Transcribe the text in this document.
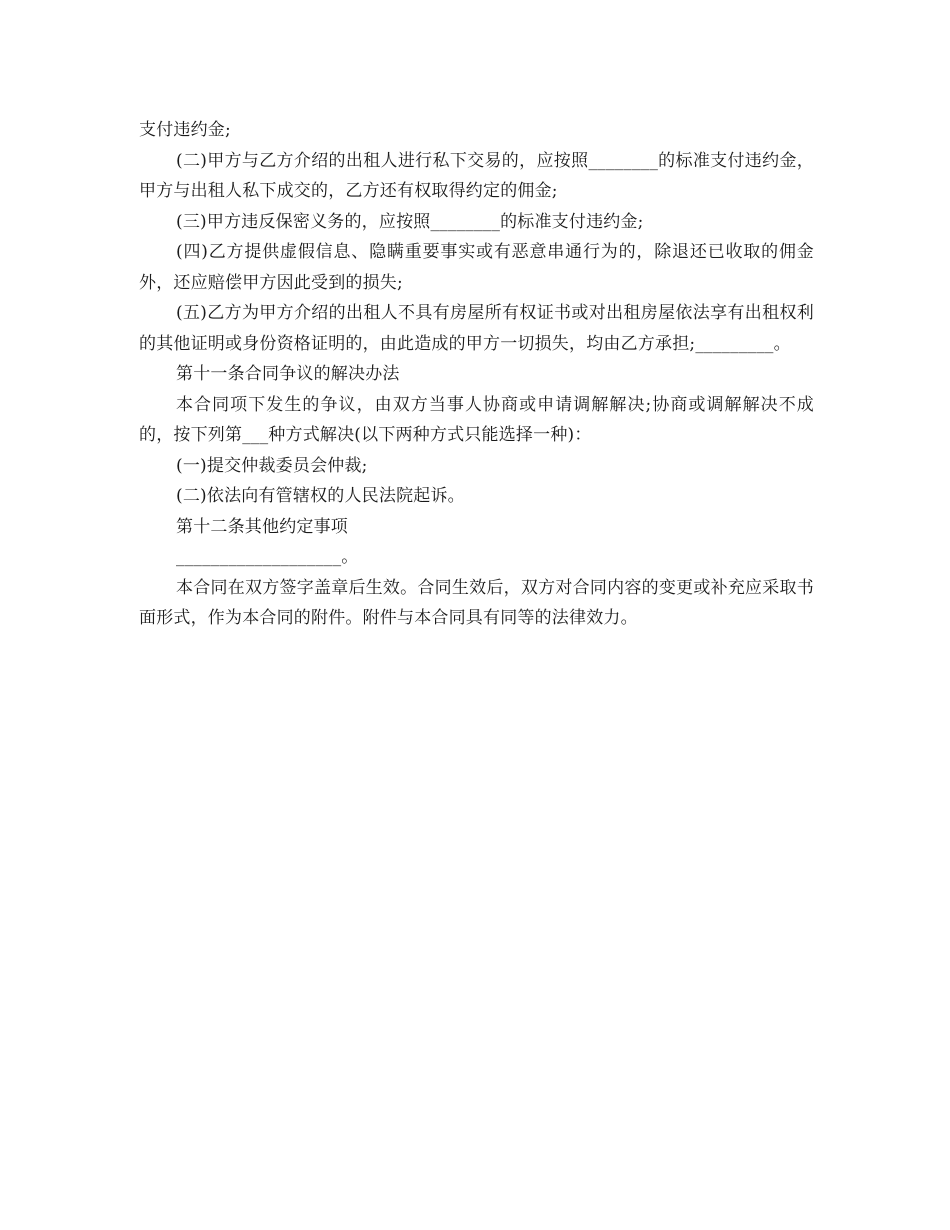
支付违约金;

(二)甲方与乙方介绍的出租人进行私下交易的，应按照________的标准支付违约金，甲方与出租人私下成交的，乙方还有权取得约定的佣金;

(三)甲方违反保密义务的，应按照________的标准支付违约金;

(四)乙方提供虚假信息、隐瞒重要事实或有恶意串通行为的，除退还已收取的佣金外，还应赔偿甲方因此受到的损失;

(五)乙方为甲方介绍的出租人不具有房屋所有权证书或对出租房屋依法享有出租权利的其他证明或身份资格证明的，由此造成的甲方一切损失，均由乙方承担;_________。

第十一条合同争议的解决办法

本合同项下发生的争议，由双方当事人协商或申请调解解决;协商或调解解决不成的，按下列第___种方式解决(以下两种方式只能选择一种)：

(一)提交仲裁委员会仲裁;

(二)依法向有管辖权的人民法院起诉。

第十二条其他约定事项

___________________。

本合同在双方签字盖章后生效。合同生效后，双方对合同内容的变更或补充应采取书面形式，作为本合同的附件。附件与本合同具有同等的法律效力。
